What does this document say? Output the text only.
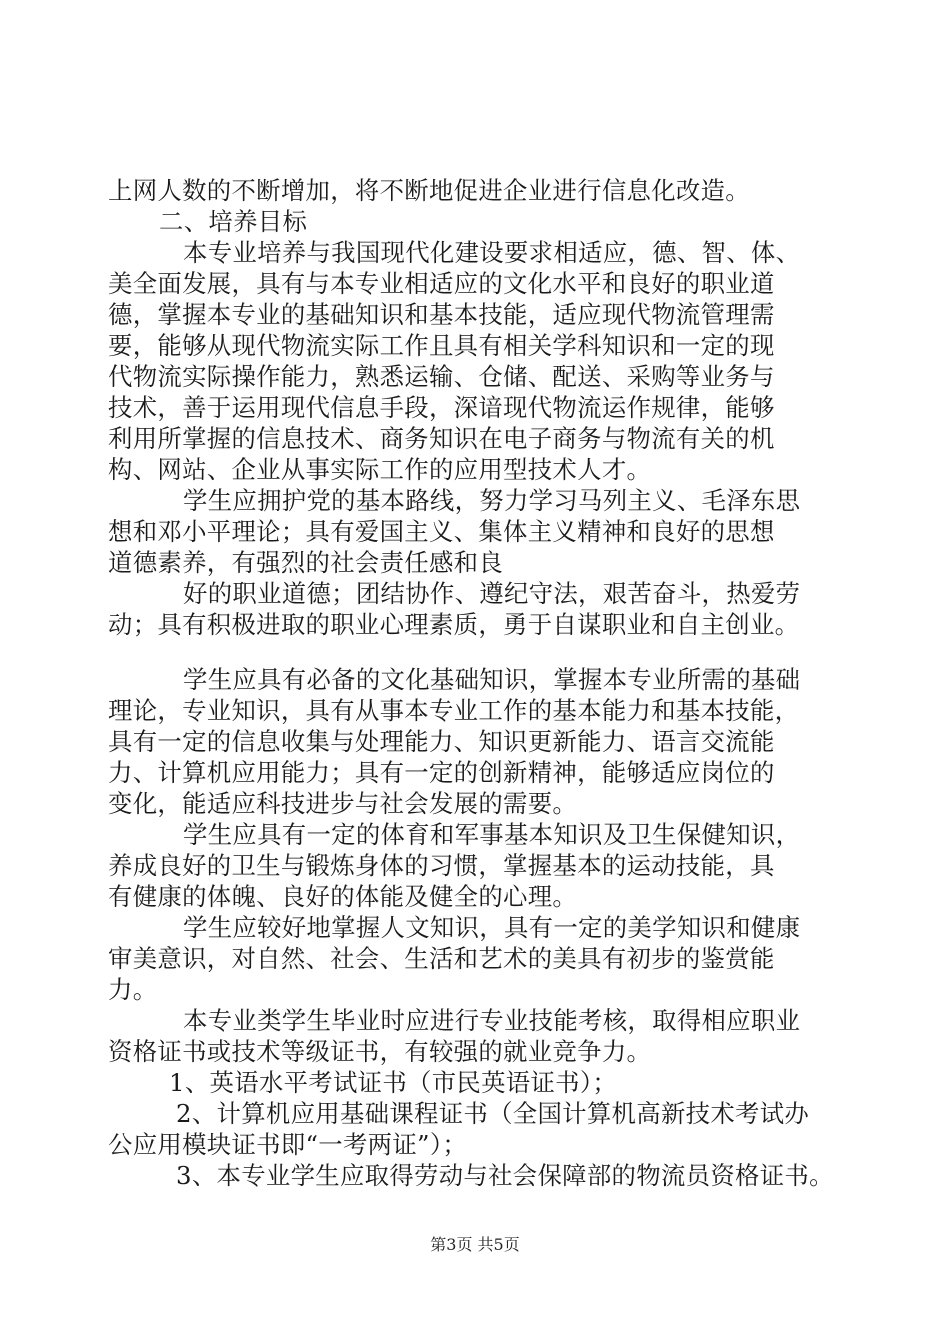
上网人数的不断增加，将不断地促进企业进行信息化改造。
二、培养目标
本专业培养与我国现代化建设要求相适应，德、智、体、
美全面发展，具有与本专业相适应的文化水平和良好的职业道
德，掌握本专业的基础知识和基本技能，适应现代物流管理需
要，能够从现代物流实际工作且具有相关学科知识和一定的现
代物流实际操作能力，熟悉运输、仓储、配送、采购等业务与
技术，善于运用现代信息手段，深谙现代物流运作规律，能够
利用所掌握的信息技术、商务知识在电子商务与物流有关的机
构、网站、企业从事实际工作的应用型技术人才。
学生应拥护党的基本路线，努力学习马列主义、毛泽东思
想和邓小平理论；具有爱国主义、集体主义精神和良好的思想
道德素养，有强烈的社会责任感和良
好的职业道德；团结协作、遵纪守法，艰苦奋斗，热爱劳
动；具有积极进取的职业心理素质，勇于自谋职业和自主创业。
学生应具有必备的文化基础知识，掌握本专业所需的基础
理论，专业知识，具有从事本专业工作的基本能力和基本技能，
具有一定的信息收集与处理能力、知识更新能力、语言交流能
力、计算机应用能力；具有一定的创新精神，能够适应岗位的
变化，能适应科技进步与社会发展的需要。
学生应具有一定的体育和军事基本知识及卫生保健知识，
养成良好的卫生与锻炼身体的习惯，掌握基本的运动技能，具
有健康的体魄、良好的体能及健全的心理。
学生应较好地掌握人文知识，具有一定的美学知识和健康
审美意识，对自然、社会、生活和艺术的美具有初步的鉴赏能
力。
本专业类学生毕业时应进行专业技能考核，取得相应职业
资格证书或技术等级证书，有较强的就业竞争力。
1、英语水平考试证书（市民英语证书）；
2、计算机应用基础课程证书（全国计算机高新技术考试办
公应用模块证书即“一考两证”）；
3、本专业学生应取得劳动与社会保障部的物流员资格证书。
第3页 共5页
